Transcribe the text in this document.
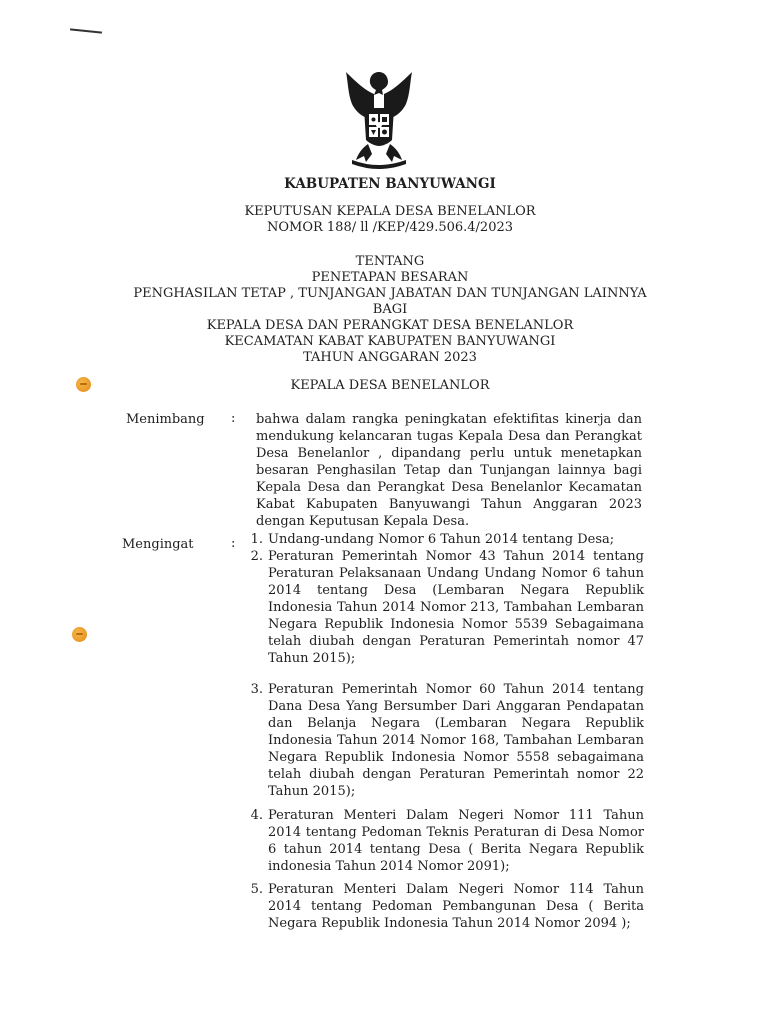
KABUPATEN BANYUWANGI
KEPUTUSAN KEPALA DESA BENELANLOR
NOMOR 188/ ll /KEP/429.506.4/2023
TENTANG
PENETAPAN BESARAN
PENGHASILAN TETAP , TUNJANGAN JABATAN DAN TUNJANGAN LAINNYA
BAGI
KEPALA DESA DAN PERANGKAT DESA BENELANLOR
KECAMATAN KABAT KABUPATEN BANYUWANGI
TAHUN ANGGARAN 2023
KEPALA DESA BENELANLOR
Menimbang : bahwa dalam rangka peningkatan efektifitas kinerja dan mendukung kelancaran tugas Kepala Desa dan Perangkat Desa Benelanlor , dipandang perlu untuk menetapkan besaran Penghasilan Tetap dan Tunjangan lainnya bagi Kepala Desa dan Perangkat Desa Benelanlor Kecamatan Kabat Kabupaten Banyuwangi Tahun Anggaran 2023 dengan Keputusan Kepala Desa.
Mengingat	:	1. Undang-undang Nomor 6 Tahun 2014 tentang Desa;
2. Peraturan Pemerintah Nomor 43 Tahun 2014 tentang Peraturan Pelaksanaan Undang Undang Nomor 6 tahun 2014 tentang Desa (Lembaran Negara Republik Indonesia Tahun 2014 Nomor 213, Tambahan Lembaran Negara Republik Indonesia Nomor 5539 Sebagaimana telah diubah dengan Peraturan Pemerintah nomor 47 Tahun 2015);
3. Peraturan Pemerintah Nomor 60 Tahun 2014 tentang Dana Desa Yang Bersumber Dari Anggaran Pendapatan dan Belanja Negara (Lembaran Negara Republik Indonesia Tahun 2014 Nomor 168, Tambahan Lembaran Negara Republik Indonesia Nomor 5558 sebagaimana telah diubah dengan Peraturan Pemerintah nomor 22 Tahun 2015);
4. Peraturan Menteri Dalam Negeri Nomor 111 Tahun 2014 tentang Pedoman Teknis Peraturan di Desa Nomor 6 tahun 2014 tentang Desa ( Berita Negara Republik indonesia Tahun 2014 Nomor 2091);
5. Peraturan Menteri Dalam Negeri Nomor 114 Tahun 2014 tentang Pedoman Pembangunan Desa ( Berita Negara Republik Indonesia Tahun 2014 Nomor 2094 );
